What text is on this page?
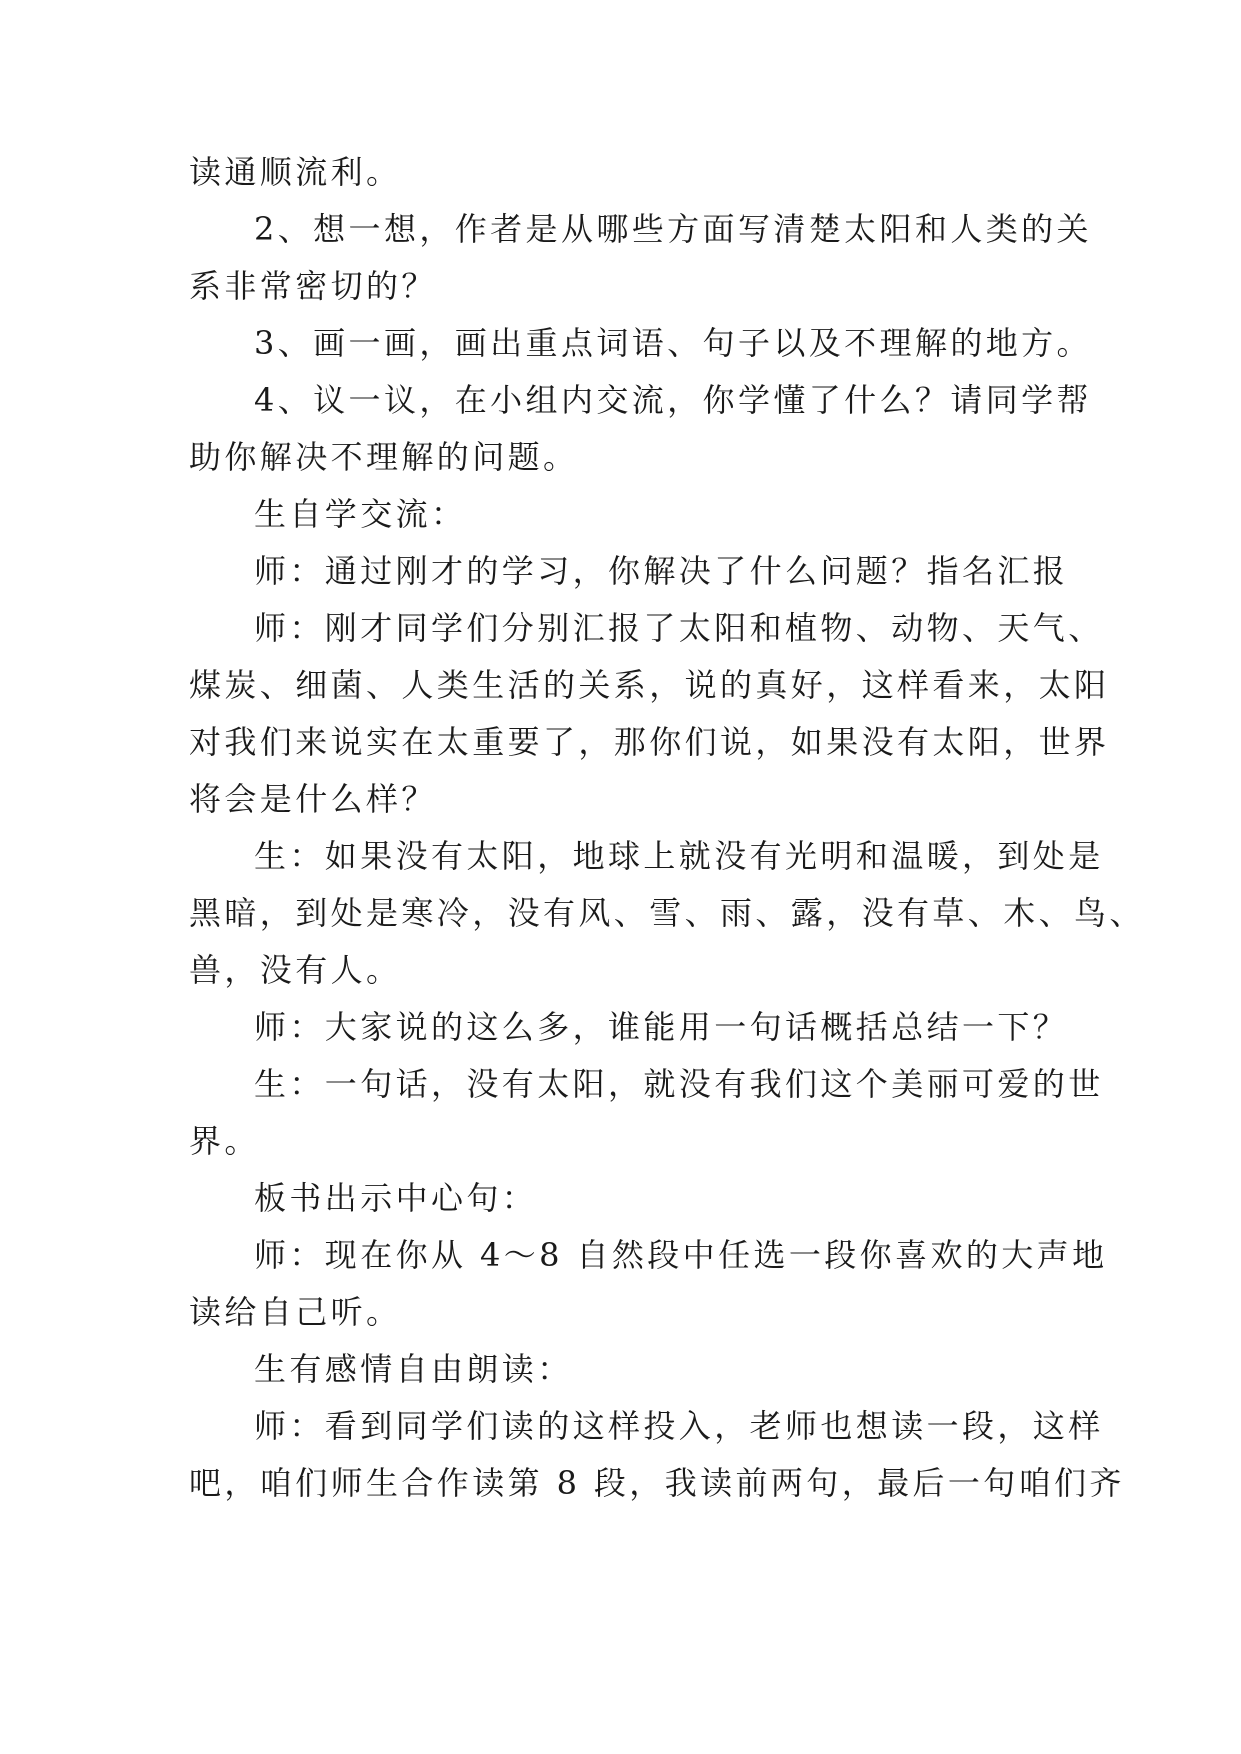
读通顺流利。
2、想一想，作者是从哪些方面写清楚太阳和人类的关
系非常密切的？
3、画一画，画出重点词语、句子以及不理解的地方。
4、议一议，在小组内交流，你学懂了什么？请同学帮
助你解决不理解的问题。
生自学交流：
师：通过刚才的学习，你解决了什么问题？指名汇报
师：刚才同学们分别汇报了太阳和植物、动物、天气、
煤炭、细菌、人类生活的关系，说的真好，这样看来，太阳
对我们来说实在太重要了，那你们说，如果没有太阳，世界
将会是什么样？
生：如果没有太阳，地球上就没有光明和温暖，到处是
黑暗，到处是寒冷，没有风、雪、雨、露，没有草、木、鸟、
兽，没有人。
师：大家说的这么多，谁能用一句话概括总结一下？
生：一句话，没有太阳，就没有我们这个美丽可爱的世
界。
板书出示中心句：
师：现在你从 4～8 自然段中任选一段你喜欢的大声地
读给自己听。
生有感情自由朗读：
师：看到同学们读的这样投入，老师也想读一段，这样
吧，咱们师生合作读第 8 段，我读前两句，最后一句咱们齐
